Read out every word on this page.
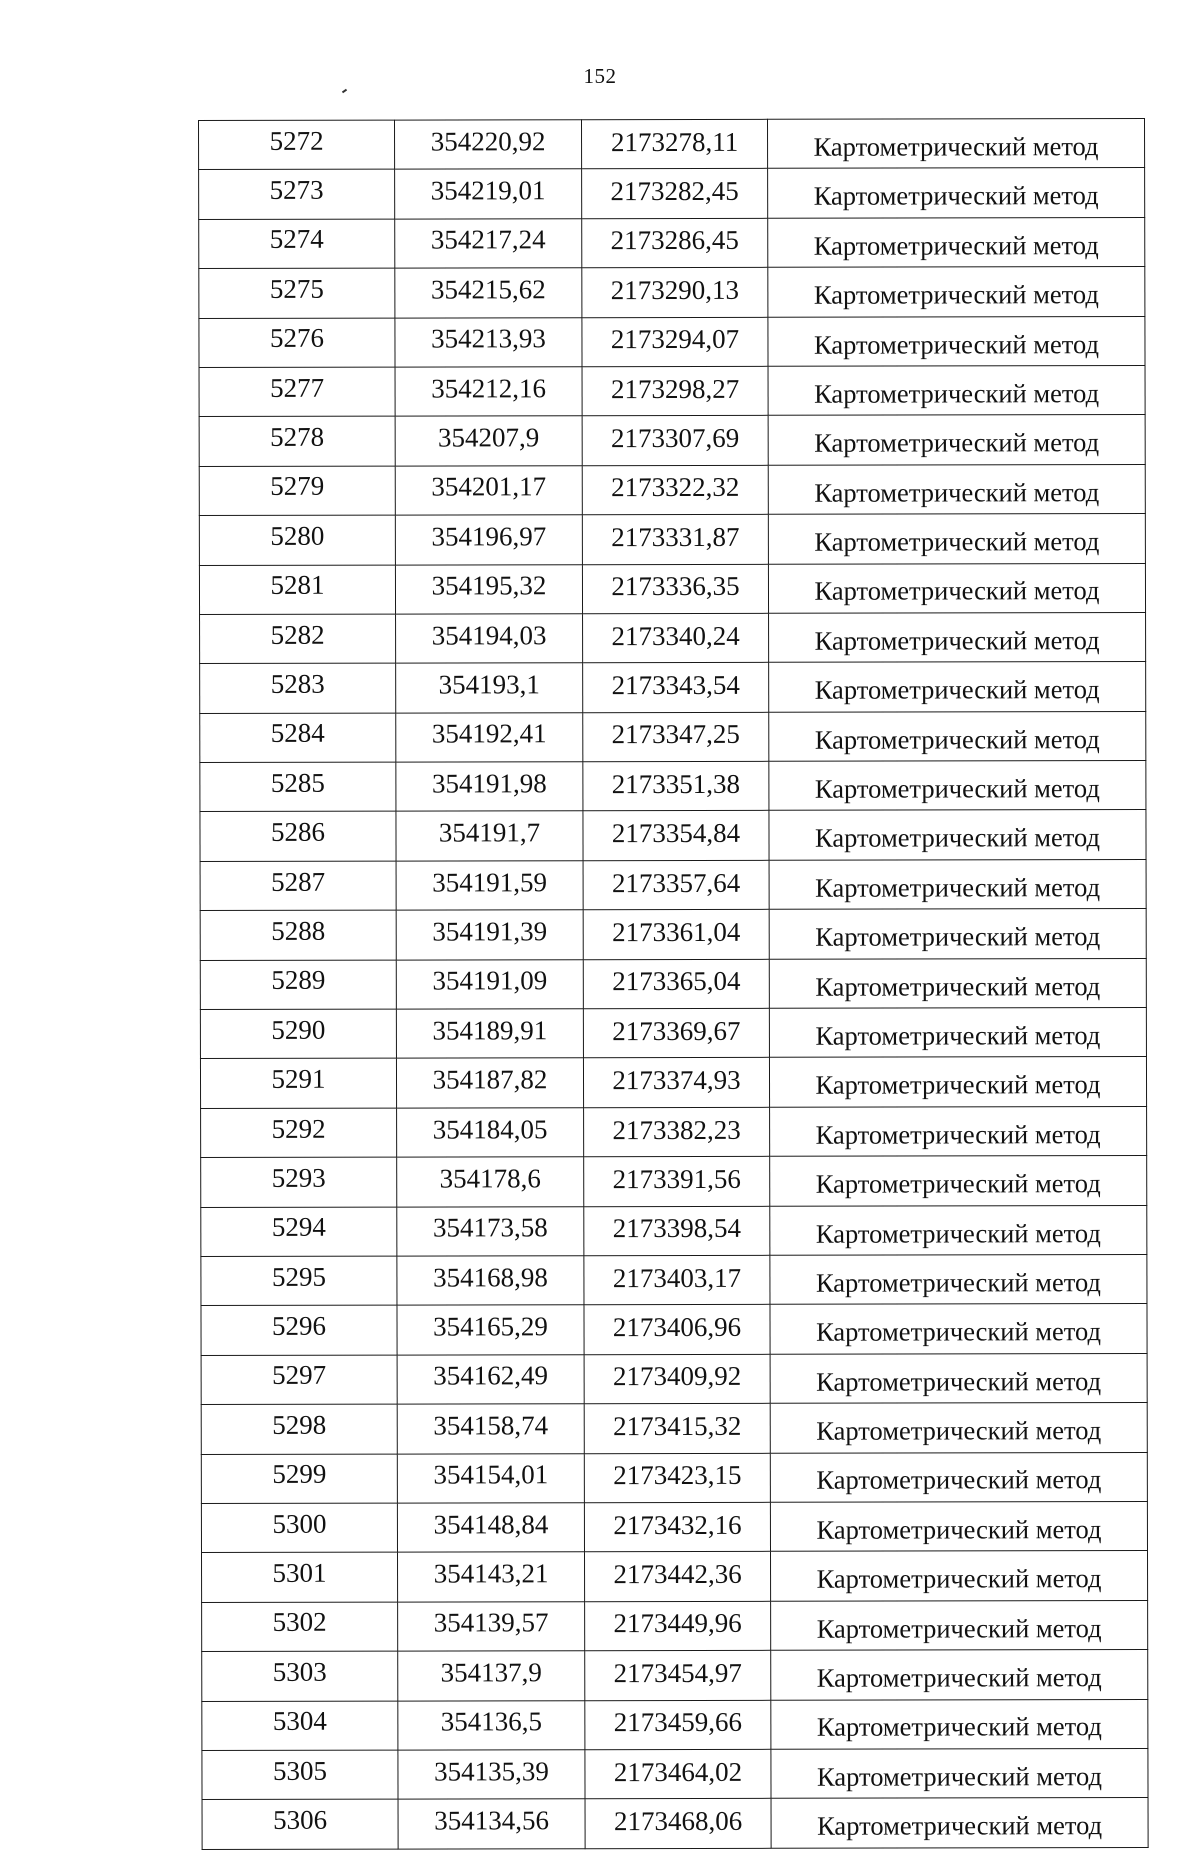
152
5272	354220,92	2173278,11	Картометрический метод
5273	354219,01	2173282,45	Картометрический метод
5274	354217,24	2173286,45	Картометрический метод
5275	354215,62	2173290,13	Картометрический метод
5276	354213,93	2173294,07	Картометрический метод
5277	354212,16	2173298,27	Картометрический метод
5278	354207,9	2173307,69	Картометрический метод
5279	354201,17	2173322,32	Картометрический метод
5280	354196,97	2173331,87	Картометрический метод
5281	354195,32	2173336,35	Картометрический метод
5282	354194,03	2173340,24	Картометрический метод
5283	354193,1	2173343,54	Картометрический метод
5284	354192,41	2173347,25	Картометрический метод
5285	354191,98	2173351,38	Картометрический метод
5286	354191,7	2173354,84	Картометрический метод
5287	354191,59	2173357,64	Картометрический метод
5288	354191,39	2173361,04	Картометрический метод
5289	354191,09	2173365,04	Картометрический метод
5290	354189,91	2173369,67	Картометрический метод
5291	354187,82	2173374,93	Картометрический метод
5292	354184,05	2173382,23	Картометрический метод
5293	354178,6	2173391,56	Картометрический метод
5294	354173,58	2173398,54	Картометрический метод
5295	354168,98	2173403,17	Картометрический метод
5296	354165,29	2173406,96	Картометрический метод
5297	354162,49	2173409,92	Картометрический метод
5298	354158,74	2173415,32	Картометрический метод
5299	354154,01	2173423,15	Картометрический метод
5300	354148,84	2173432,16	Картометрический метод
5301	354143,21	2173442,36	Картометрический метод
5302	354139,57	2173449,96	Картометрический метод
5303	354137,9	2173454,97	Картометрический метод
5304	354136,5	2173459,66	Картометрический метод
5305	354135,39	2173464,02	Картометрический метод
5306	354134,56	2173468,06	Картометрический метод
